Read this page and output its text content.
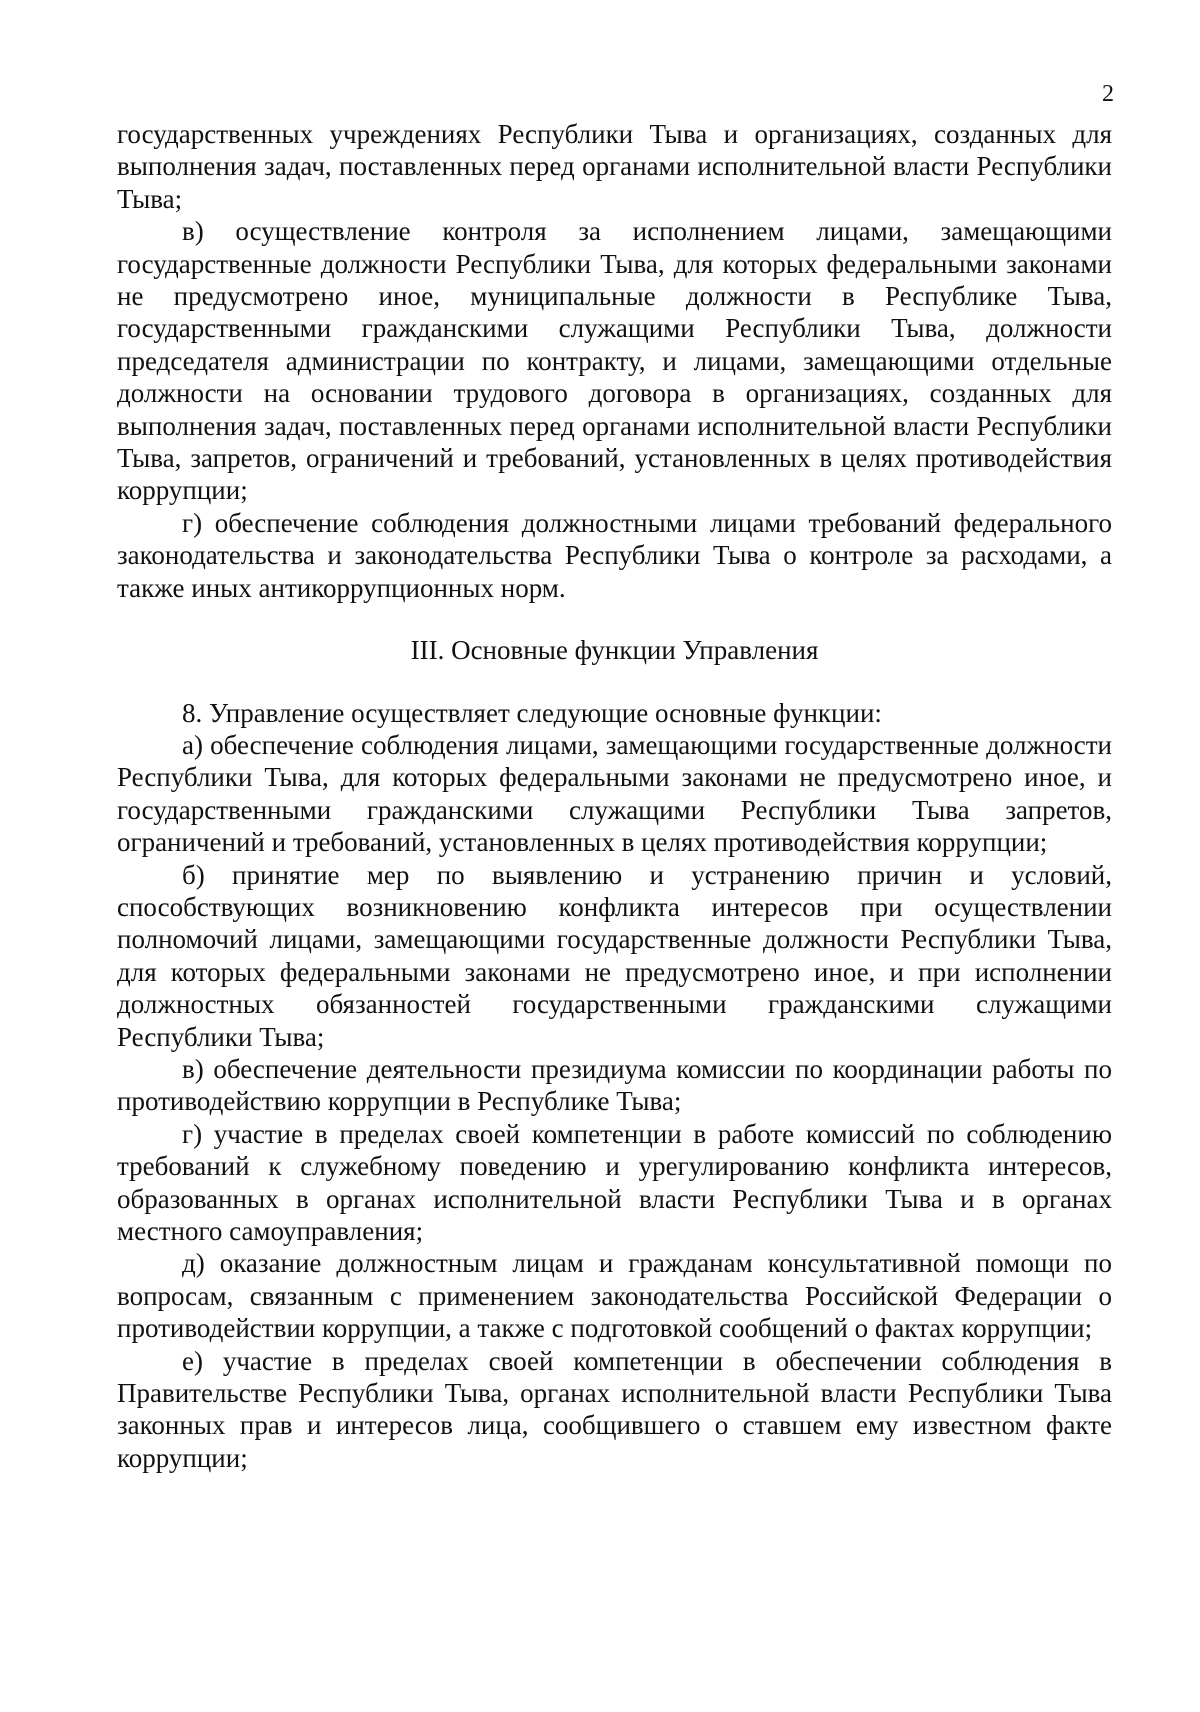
2

государственных учреждениях Республики Тыва и организациях, созданных для выполнения задач, поставленных перед органами исполнительной власти Республики Тыва;

в) осуществление контроля за исполнением лицами, замещающими государственные должности Республики Тыва, для которых федеральными законами не предусмотрено иное, муниципальные должности в Республике Тыва, государственными гражданскими служащими Республики Тыва, должности председателя администрации по контракту, и лицами, замещающими отдельные должности на основании трудового договора в организациях, созданных для выполнения задач, поставленных перед органами исполнительной власти Республики Тыва, запретов, ограничений и требований, установленных в целях противодействия коррупции;

г) обеспечение соблюдения должностными лицами требований федерального законодательства и законодательства Республики Тыва о контроле за расходами, а также иных антикоррупционных норм.

III. Основные функции Управления

8. Управление осуществляет следующие основные функции:

а) обеспечение соблюдения лицами, замещающими государственные должности Республики Тыва, для которых федеральными законами не предусмотрено иное, и государственными гражданскими служащими Республики Тыва запретов, ограничений и требований, установленных в целях противодействия коррупции;

б) принятие мер по выявлению и устранению причин и условий, способствующих возникновению конфликта интересов при осуществлении полномочий лицами, замещающими государственные должности Республики Тыва, для которых федеральными законами не предусмотрено иное, и при исполнении должностных обязанностей государственными гражданскими служащими Республики Тыва;

в) обеспечение деятельности президиума комиссии по координации работы по противодействию коррупции в Республике Тыва;

г) участие в пределах своей компетенции в работе комиссий по соблюдению требований к служебному поведению и урегулированию конфликта интересов, образованных в органах исполнительной власти Республики Тыва и в органах местного самоуправления;

д) оказание должностным лицам и гражданам консультативной помощи по вопросам, связанным с применением законодательства Российской Федерации о противодействии коррупции, а также с подготовкой сообщений о фактах коррупции;

е) участие в пределах своей компетенции в обеспечении соблюдения в Правительстве Республики Тыва, органах исполнительной власти Республики Тыва законных прав и интересов лица, сообщившего о ставшем ему известном факте коррупции;
